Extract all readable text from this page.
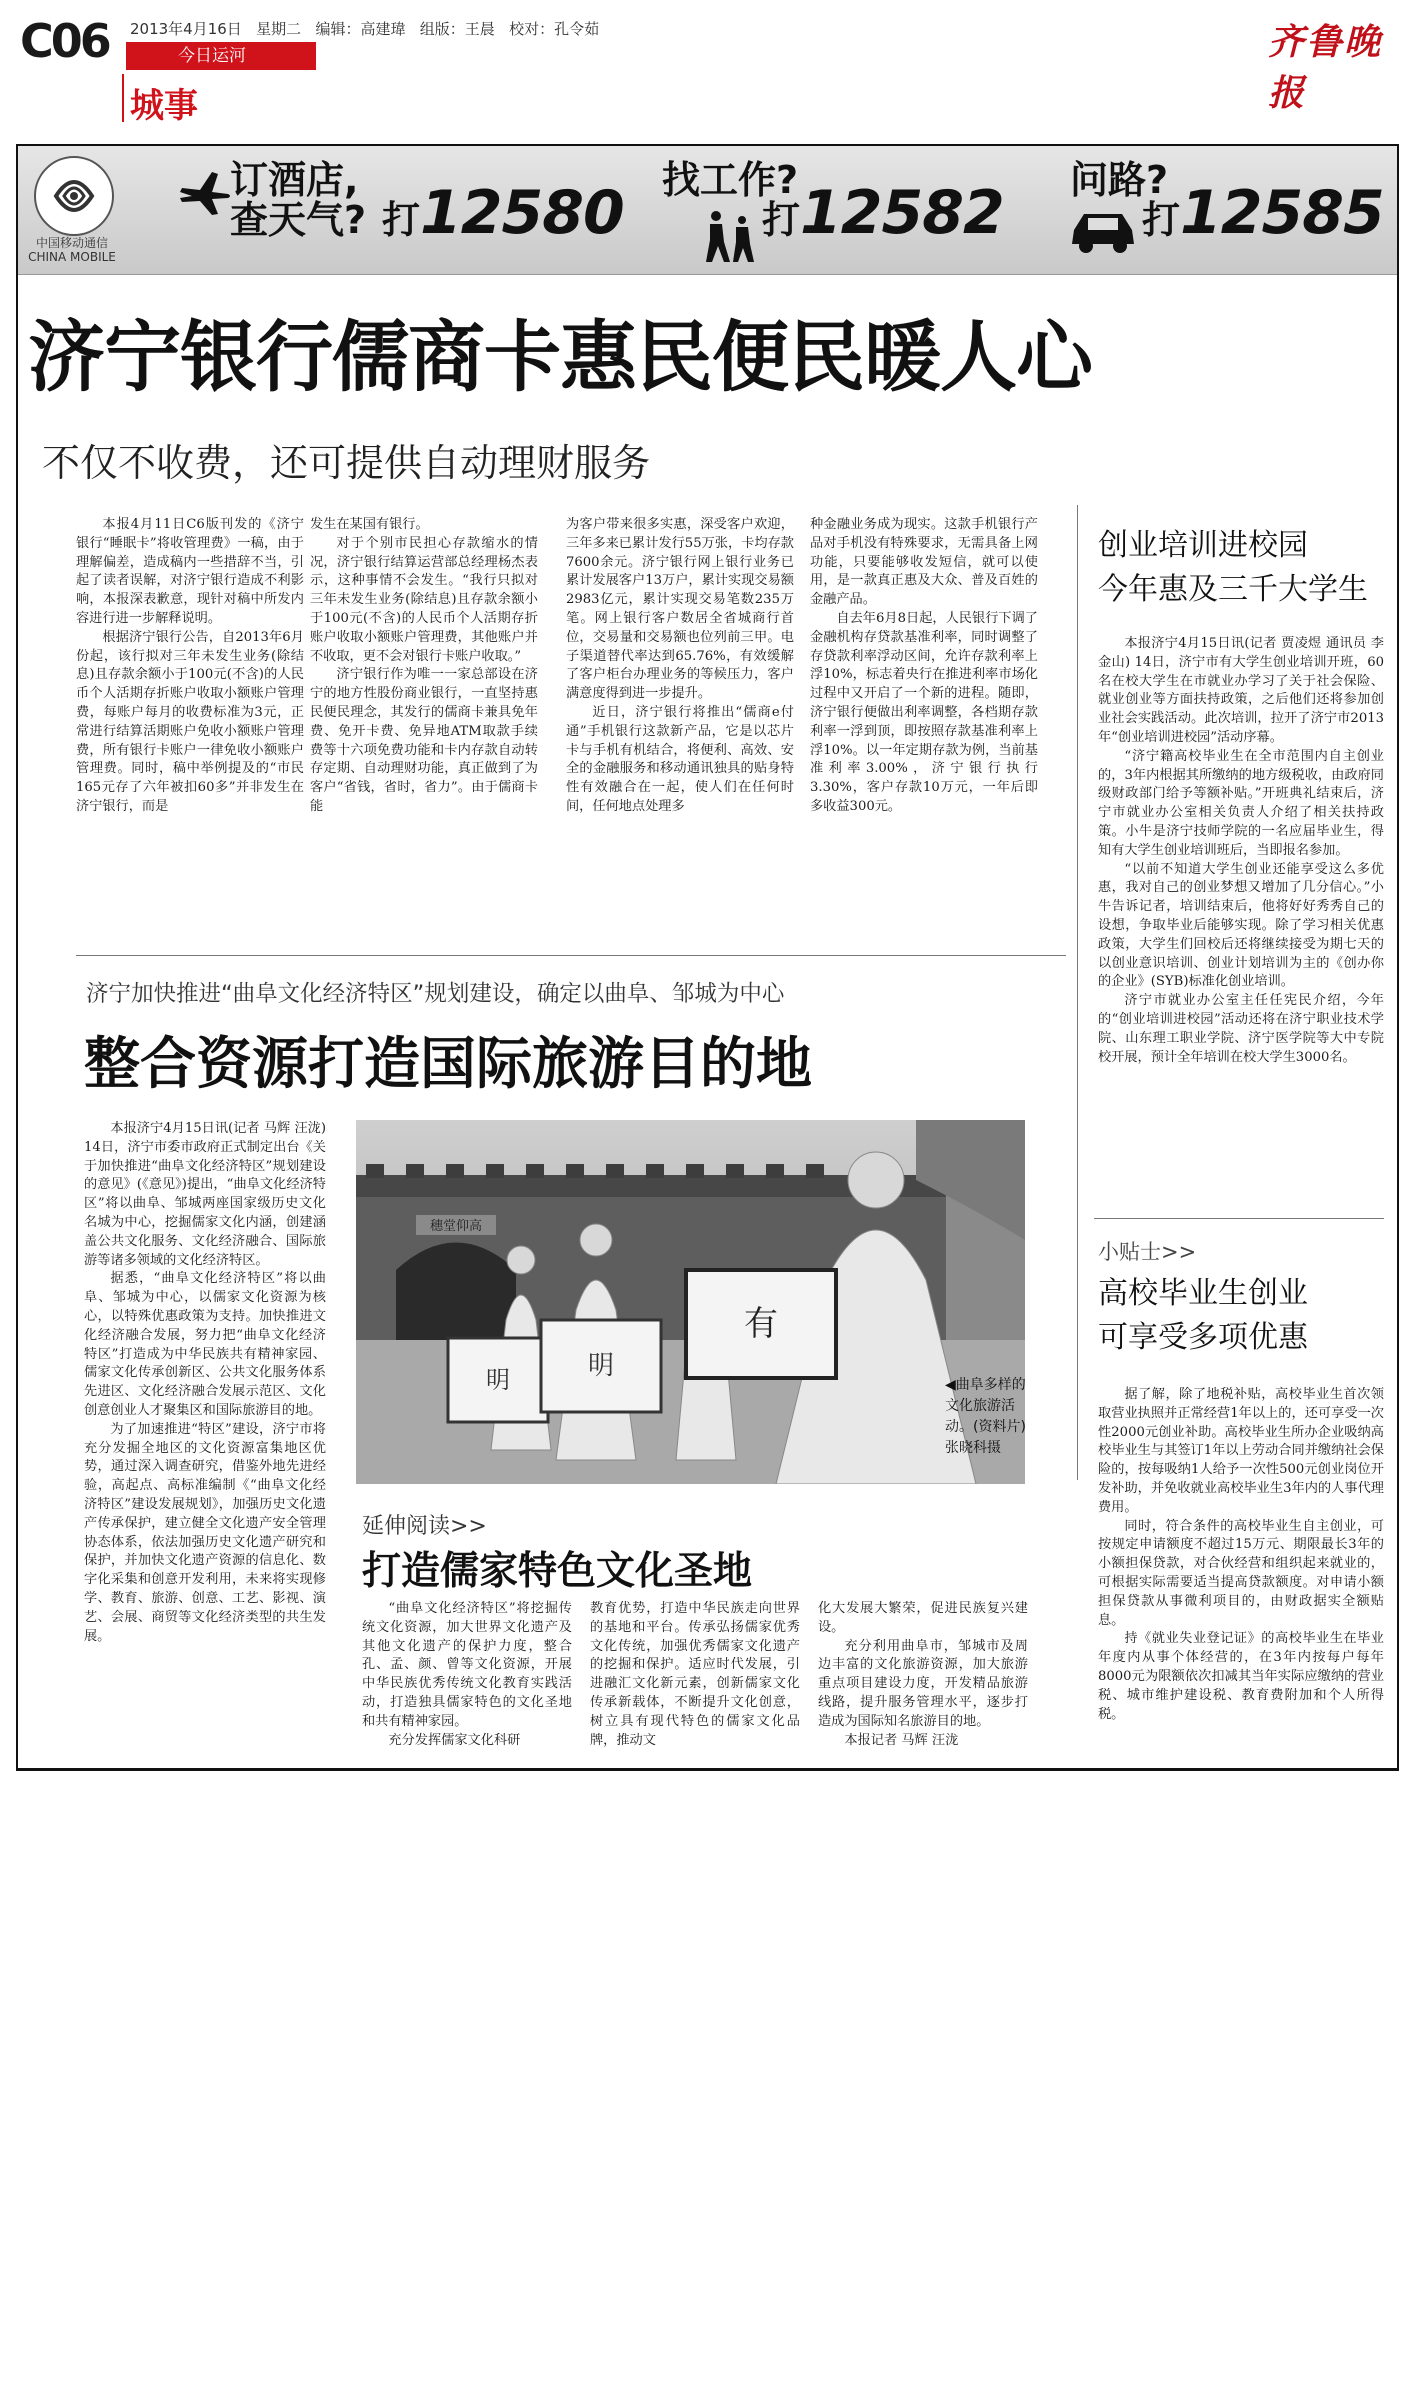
C06 2013年4月16日 星期二 编辑：高建瑋 组版：王晨 校对：孔令茹
今日运河
城事
齐鲁晚报
中国移动通信
CHINA MOBILE
订酒店,
查天气? 打12580 找工作?
打12582 问路?
打12585
济宁银行儒商卡惠民便民暖人心
不仅不收费，还可提供自动理财服务

本报4月11日C6版刊发的《济宁银行“睡眠卡”将收管理费》一稿，由于理解偏差，造成稿内一些措辞不当，引起了读者误解，对济宁银行造成不利影响，本报深表歉意，现针对稿中所发内容进行进一步解释说明。

根据济宁银行公告，自2013年6月份起，该行拟对三年未发生业务(除结息)且存款余额小于100元(不含)的人民币个人活期存折账户收取小额账户管理费，每账户每月的收费标准为3元，正常进行结算活期账户免收小额账户管理费，所有银行卡账户一律免收小额账户管理费。同时，稿中举例提及的“市民165元存了六年被扣60多”并非发生在济宁银行，而是

发生在某国有银行。

对于个别市民担心存款缩水的情况，济宁银行结算运营部总经理杨杰表示，这种事情不会发生。“我行只拟对三年未发生业务(除结息)且存款余额小于100元(不含)的人民币个人活期存折账户收取小额账户管理费，其他账户并不收取，更不会对银行卡账户收取。”

济宁银行作为唯一一家总部设在济宁的地方性股份商业银行，一直坚持惠民便民理念，其发行的儒商卡兼具免年费、免开卡费、免异地ATM取款手续费等十六项免费功能和卡内存款自动转存定期、自动理财功能，真正做到了为客户“省钱，省时，省力”。由于儒商卡能

为客户带来很多实惠，深受客户欢迎，三年多来已累计发行55万张，卡均存款7600余元。济宁银行网上银行业务已累计发展客户13万户，累计实现交易额2983亿元，累计实现交易笔数235万笔。网上银行客户数居全省城商行首位，交易量和交易额也位列前三甲。电子渠道替代率达到65.76%，有效缓解了客户柜台办理业务的等候压力，客户满意度得到进一步提升。

近日，济宁银行将推出“儒商e付通”手机银行这款新产品，它是以芯片卡与手机有机结合，将便利、高效、安全的金融服务和移动通讯独具的贴身特性有效融合在一起，使人们在任何时间，任何地点处理多

种金融业务成为现实。这款手机银行产品对手机没有特殊要求，无需具备上网功能，只要能够收发短信，就可以使用，是一款真正惠及大众、普及百姓的金融产品。

自去年6月8日起，人民银行下调了金融机构存贷款基准利率，同时调整了存贷款利率浮动区间，允许存款利率上浮10%，标志着央行在推进利率市场化过程中又开启了一个新的进程。随即，济宁银行便做出利率调整，各档期存款利率一浮到顶，即按照存款基准利率上浮10%。以一年定期存款为例，当前基准利率3.00%，济宁银行执行3.30%，客户存款10万元，一年后即多收益300元。

创业培训进校园
今年惠及三千大学生

本报济宁4月15日讯(记者 贾凌煜 通讯员 李金山) 14日，济宁市有大学生创业培训开班，60名在校大学生在市就业办学习了关于社会保险、就业创业等方面扶持政策，之后他们还将参加创业社会实践活动。此次培训，拉开了济宁市2013年“创业培训进校园”活动序幕。

“济宁籍高校毕业生在全市范围内自主创业的，3年内根据其所缴纳的地方级税收，由政府同级财政部门给予等额补贴。”开班典礼结束后，济宁市就业办公室相关负责人介绍了相关扶持政策。小牛是济宁技师学院的一名应届毕业生，得知有大学生创业培训班后，当即报名参加。

“以前不知道大学生创业还能享受这么多优惠，我对自己的创业梦想又增加了几分信心。”小牛告诉记者，培训结束后，他将好好秀秀自己的设想，争取毕业后能够实现。除了学习相关优惠政策，大学生们回校后还将继续接受为期七天的以创业意识培训、创业计划培训为主的《创办你的企业》(SYB)标准化创业培训。

济宁市就业办公室主任任宪民介绍，今年的“创业培训进校园”活动还将在济宁职业技术学院、山东理工职业学院、济宁医学院等大中专院校开展，预计全年培训在校大学生3000名。

小贴士>>
高校毕业生创业
可享受多项优惠

据了解，除了地税补贴，高校毕业生首次领取营业执照并正常经营1年以上的，还可享受一次性2000元创业补助。高校毕业生所办企业吸纳高校毕业生与其签订1年以上劳动合同并缴纳社会保险的，按每吸纳1人给予一次性500元创业岗位开发补助，并免收就业高校毕业生3年内的人事代理费用。

同时，符合条件的高校毕业生自主创业，可按规定申请额度不超过15万元、期限最长3年的小额担保贷款，对合伙经营和组织起来就业的，可根据实际需要适当提高贷款额度。对申请小额担保贷款从事微利项目的，由财政据实全额贴息。

持《就业失业登记证》的高校毕业生在毕业年度内从事个体经营的，在3年内按每户每年8000元为限额依次扣减其当年实际应缴纳的营业税、城市维护建设税、教育费附加和个人所得税。

济宁加快推进“曲阜文化经济特区”规划建设，确定以曲阜、邹城为中心
整合资源打造国际旅游目的地

本报济宁4月15日讯(记者 马辉 汪泷) 14日，济宁市委市政府正式制定出台《关于加快推进“曲阜文化经济特区”规划建设的意见》(《意见》)提出，“曲阜文化经济特区”将以曲阜、邹城两座国家级历史文化名城为中心，挖掘儒家文化内涵，创建涵盖公共文化服务、文化经济融合、国际旅游等诸多领域的文化经济特区。

据悉，“曲阜文化经济特区”将以曲阜、邹城为中心，以儒家文化资源为核心，以特殊优惠政策为支持。加快推进文化经济融合发展，努力把“曲阜文化经济特区”打造成为中华民族共有精神家园、儒家文化传承创新区、公共文化服务体系先进区、文化经济融合发展示范区、文化创意创业人才聚集区和国际旅游目的地。

为了加速推进“特区”建设，济宁市将充分发掘全地区的文化资源富集地区优势，通过深入调查研究，借鉴外地先进经验，高起点、高标准编制《“曲阜文化经济特区”建设发展规划》，加强历史文化遗产传承保护，建立健全文化遗产安全管理协态体系，依法加强历史文化遗产研究和保护，并加快文化遗产资源的信息化、数字化采集和创意开发利用，未来将实现修学、教育、旅游、创意、工艺、影视、演艺、会展、商贸等文化经济类型的共生发展。

穗堂仰高
明	明
有
◀曲阜多样的文化旅游活动。(资料片)张晓科摄
延伸阅读>>
打造儒家特色文化圣地

“曲阜文化经济特区”将挖掘传统文化资源，加大世界文化遗产及其他文化遗产的保护力度，整合孔、孟、颜、曾等文化资源，开展中华民族优秀传统文化教育实践活动，打造独具儒家特色的文化圣地和共有精神家园。

充分发挥儒家文化科研

教育优势，打造中华民族走向世界的基地和平台。传承弘扬儒家优秀文化传统，加强优秀儒家文化遗产的挖掘和保护。适应时代发展，引进融汇文化新元素，创新儒家文化传承新载体，不断提升文化创意，树立具有现代特色的儒家文化品牌，推动文

化大发展大繁荣，促进民族复兴建设。

充分利用曲阜市，邹城市及周边丰富的文化旅游资源，加大旅游重点项目建设力度，开发精品旅游线路，提升服务管理水平，逐步打造成为国际知名旅游目的地。

本报记者 马辉 汪泷
